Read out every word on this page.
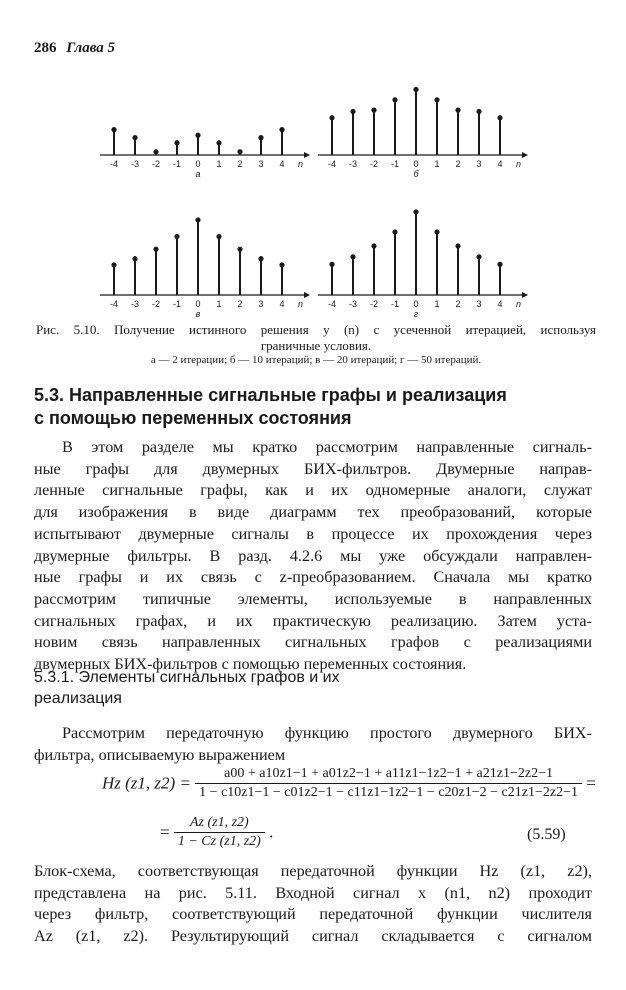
286 Глава 5
-4 -3 -2 -1 0 1 2 3 4 n
a
-4 -3 -2 -1 0 1 2 3 4 n
б
-4 -3 -2 -1 0 1 2 3 4 n
в
-4 -3 -2 -1 0 1 2 3 4 n
г
Рис. 5.10. Получение истинного решения y (n) с усеченной итерацией, используя
граничные условия.
а — 2 итерации; б — 10 итераций; в — 20 итераций; г — 50 итераций.
5.3. Направленные сигнальные графы и реализация
с помощью переменных состояния
В этом разделе мы кратко рассмотрим направленные сигналь-
ные графы для двумерных БИХ-фильтров. Двумерные направ-
ленные сигнальные графы, как и их одномерные аналоги, служат
для изображения в виде диаграмм тех преобразований, которые
испытывают двумерные сигналы в процессе их прохождения через
двумерные фильтры. В разд. 4.2.6 мы уже обсуждали направлен-
ные графы и их связь с z-преобразованием. Сначала мы кратко
рассмотрим типичные элементы, используемые в направленных
сигнальных графах, и их практическую реализацию. Затем уста-
новим связь направленных сигнальных графов с реализациями
двумерных БИХ-фильтров с помощью переменных состояния.
5.3.1. Элементы сигнальных графов и их
реализация
Рассмотрим передаточную функцию простого двумерного БИХ-
фильтра, описываемую выражением
Hz (z1, $z2) = \frac{a00 + a10z1-1 + a01z2-1 + a11z1-1z2-1 + a21z1-2z2-1}{1 - c10z1-1 - c01z2-1 - c11z1-1z2-1 - c20z1-2 - c21z1-2z2-1}$ =
= $\frac{Az (z1, z2)}{1 - Cz (z1, z2)}$ .	(5.59)
Блок-схема, соответствующая передаточной функции Hz (z1, z2),
представлена на рис. 5.11. Входной сигнал x (n1, n2) проходит
через фильтр, соответствующий передаточной функции числителя
Az (z1, z2). Результирующий сигнал складывается с сигналом
